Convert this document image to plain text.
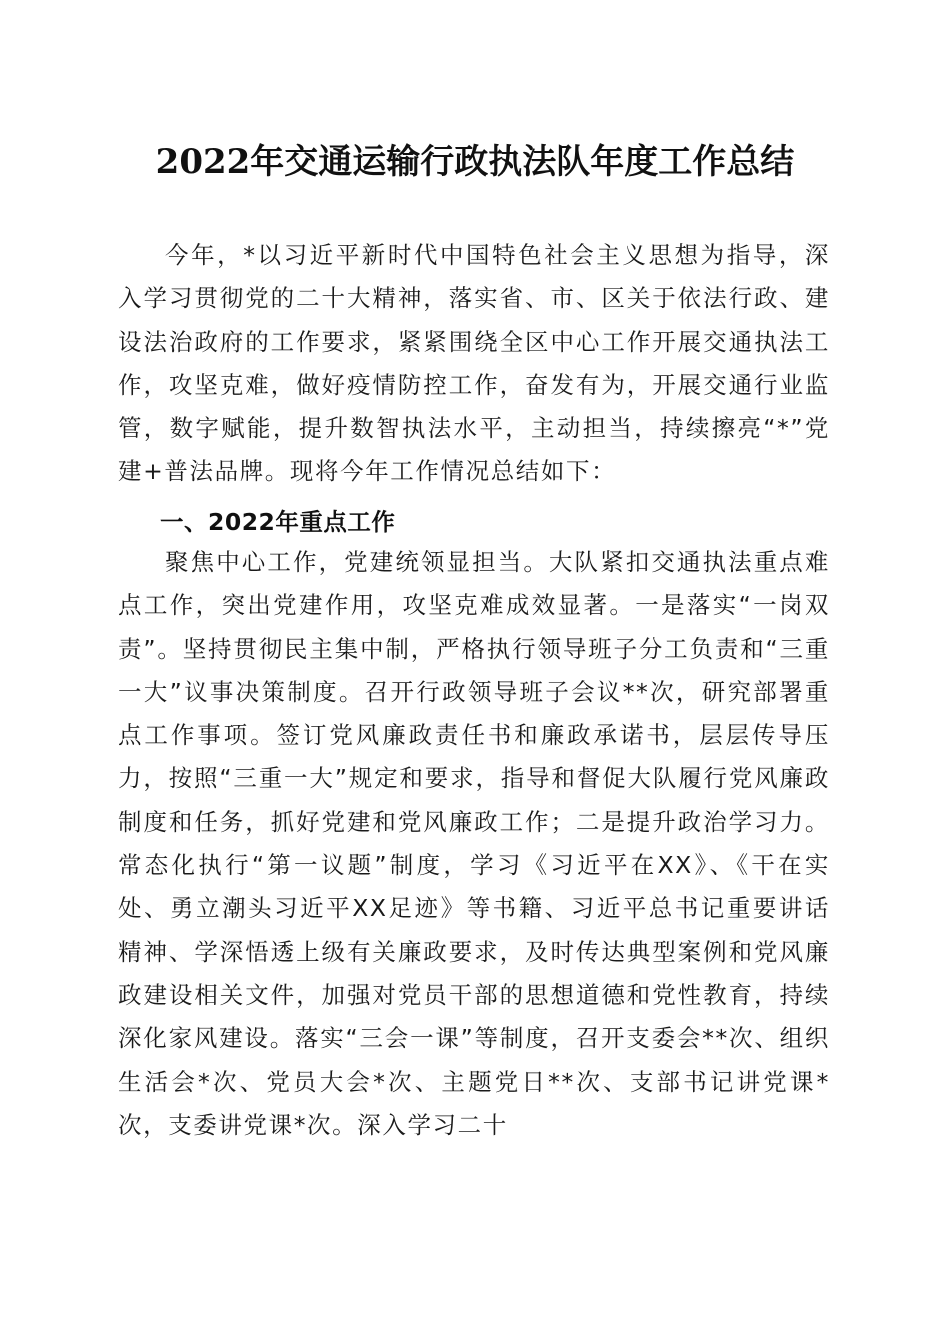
2022年交通运输行政执法队年度工作总结

今年，*以习近平新时代中国特色社会主义思想为指导，深入学习贯彻党的二十大精神，落实省、市、区关于依法行政、建设法治政府的工作要求，紧紧围绕全区中心工作开展交通执法工作，攻坚克难，做好疫情防控工作，奋发有为，开展交通行业监管，数字赋能，提升数智执法水平，主动担当，持续擦亮“*”党建+普法品牌。现将今年工作情况总结如下：

一、2022年重点工作

聚焦中心工作，党建统领显担当。大队紧扣交通执法重点难点工作，突出党建作用，攻坚克难成效显著。一是落实“一岗双责”。坚持贯彻民主集中制，严格执行领导班子分工负责和“三重一大”议事决策制度。召开行政领导班子会议**次，研究部署重点工作事项。签订党风廉政责任书和廉政承诺书，层层传导压力，按照“三重一大”规定和要求，指导和督促大队履行党风廉政制度和任务，抓好党建和党风廉政工作；二是提升政治学习力。常态化执行“第一议题”制度，学习《习近平在XX》、《干在实处、勇立潮头习近平XX足迹》等书籍、习近平总书记重要讲话精神、学深悟透上级有关廉政要求，及时传达典型案例和党风廉政建设相关文件，加强对党员干部的思想道德和党性教育，持续深化家风建设。落实“三会一课”等制度，召开支委会**次、组织生活会*次、党员大会*次、主题党日**次、支部书记讲党课*次，支委讲党课*次。深入学习二十
